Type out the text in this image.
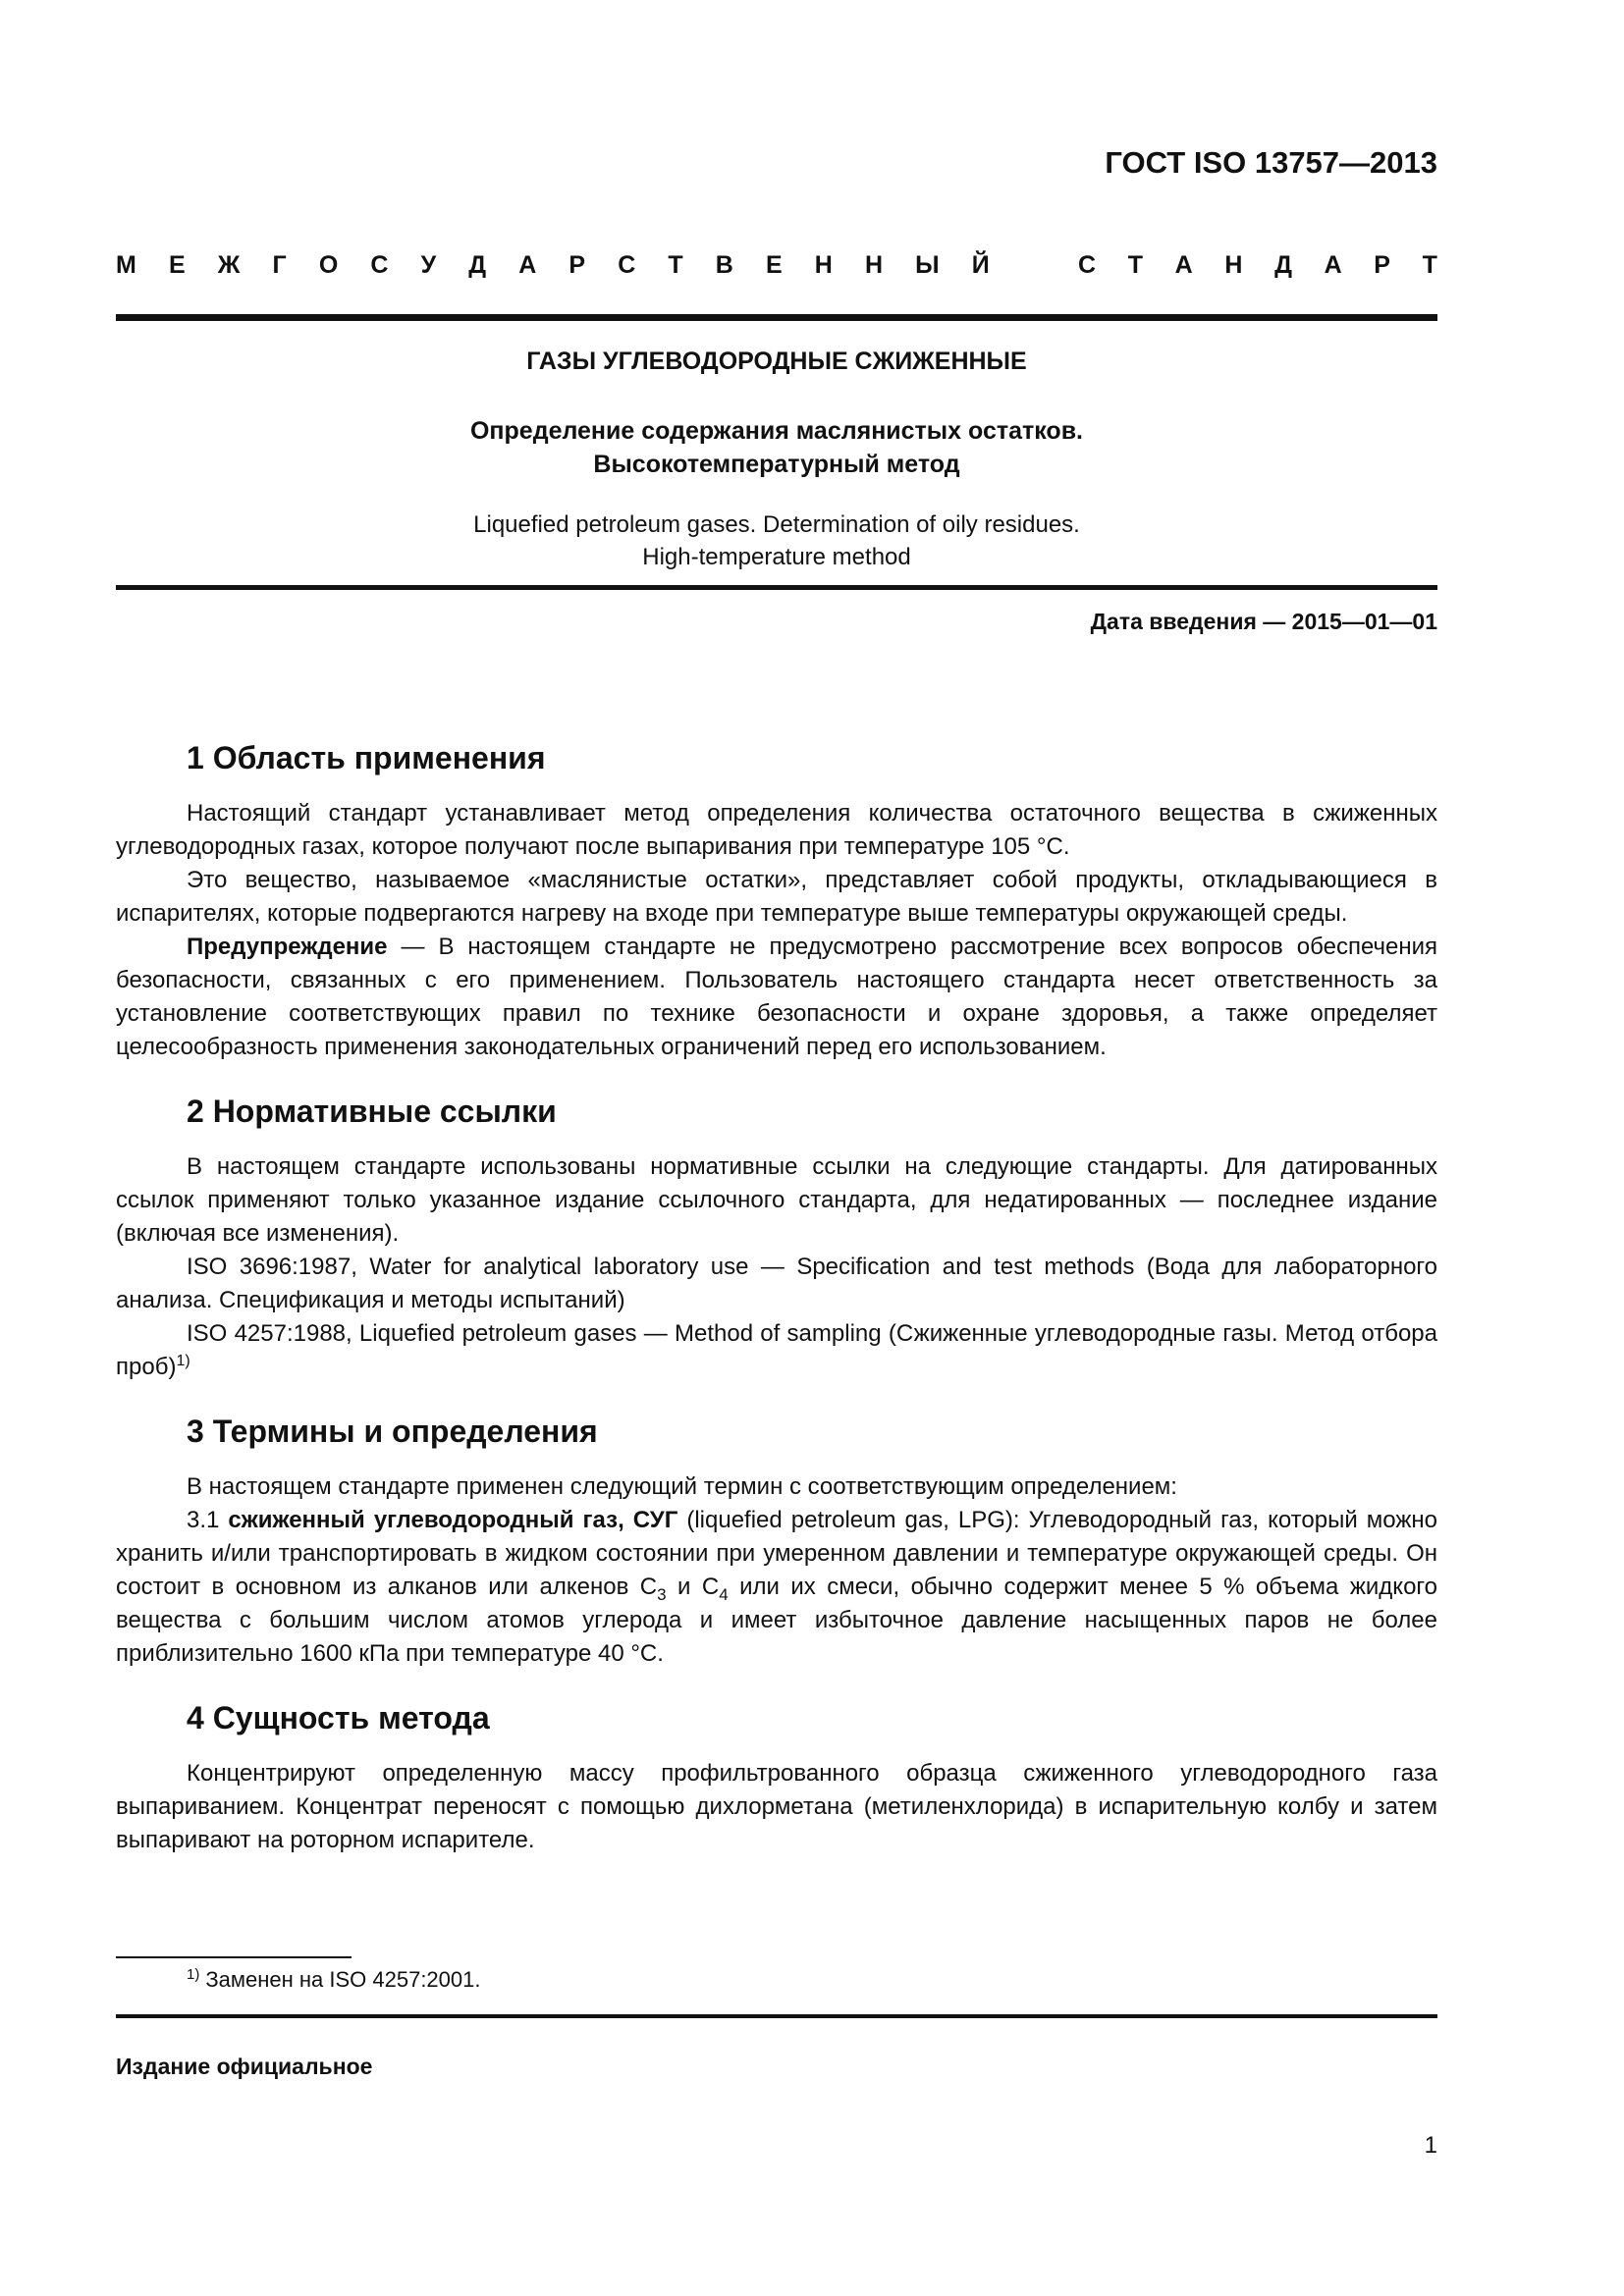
ГОСТ ISO 13757—2013
М Е Ж Г О С У Д А Р С Т В Е Н Н Ы Й	С Т А Н Д А Р Т
ГАЗЫ УГЛЕВОДОРОДНЫЕ СЖИЖЕННЫЕ
Определение содержания маслянистых остатков.
Высокотемпературный метод
Liquefied petroleum gases. Determination of oily residues.
High-temperature method
Дата введения — 2015—01—01
1 Область применения

Настоящий стандарт устанавливает метод определения количества остаточного вещества в сжиженных углеводородных газах, которое получают после выпаривания при температуре 105 °С.

Это вещество, называемое «маслянистые остатки», представляет собой продукты, откладывающиеся в испарителях, которые подвергаются нагреву на входе при температуре выше температуры окружающей среды.

Предупреждение — В настоящем стандарте не предусмотрено рассмотрение всех вопросов обеспечения безопасности, связанных с его применением. Пользователь настоящего стандарта несет ответственность за установление соответствующих правил по технике безопасности и охране здоровья, а также определяет целесообразность применения законодательных ограничений перед его использованием.

2 Нормативные ссылки

В настоящем стандарте использованы нормативные ссылки на следующие стандарты. Для датированных ссылок применяют только указанное издание ссылочного стандарта, для недатированных — последнее издание (включая все изменения).

ISO 3696:1987, Water for analytical laboratory use — Specification and test methods (Вода для лабораторного анализа. Спецификация и методы испытаний)

ISO 4257:1988, Liquefied petroleum gases — Method of sampling (Сжиженные углеводородные газы. Метод отбора проб)$^{1)}$

3 Термины и определения

В настоящем стандарте применен следующий термин с соответствующим определением:

3.1 сжиженный углеводородный газ, СУГ (liquefied petroleum gas, LPG): Углеводородный газ, который можно хранить и/или транспортировать в жидком состоянии при умеренном давлении и температуре окружающей среды. Он состоит в основном из алканов или алкенов $С_3$ и $С_4$ или их смеси, обычно содержит менее 5 % объема жидкого вещества с большим числом атомов углерода и имеет избыточное давление насыщенных паров не более приблизительно 1600 кПа при температуре 40 °С.

4 Сущность метода

Концентрируют определенную массу профильтрованного образца сжиженного углеводородного газа выпариванием. Концентрат переносят с помощью дихлорметана (метиленхлорида) в испарительную колбу и затем выпаривают на роторном испарителе.

$^{1)}$ Заменен на ISO 4257:2001.
Издание официальное
1
